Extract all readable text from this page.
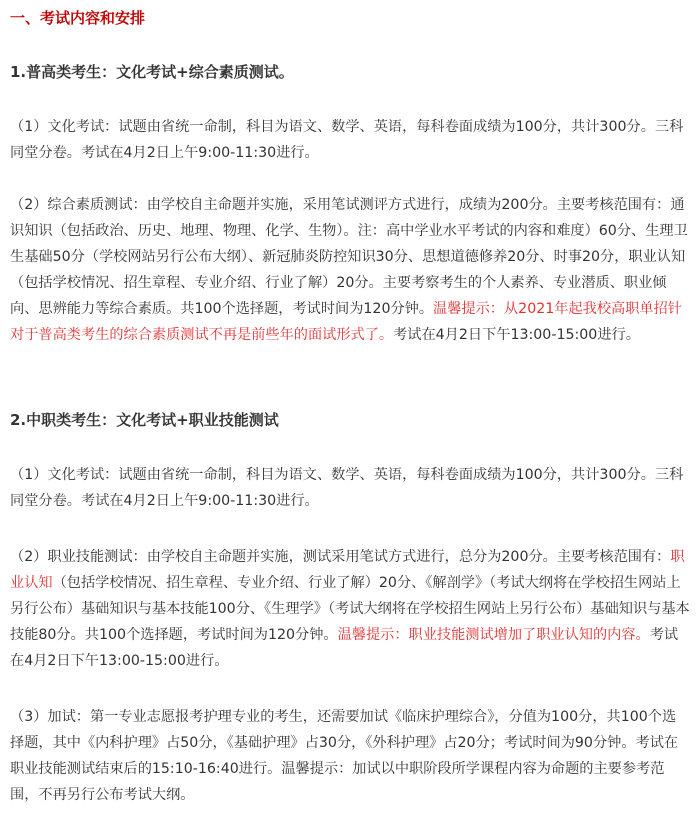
一、考试内容和安排
1.普高类考生：文化考试+综合素质测试。
（1）文化考试：试题由省统一命制，科目为语文、数学、英语，每科卷面成绩为100分，共计300分。三科同堂分卷。考试在4月2日上午9:00-11:30进行。
（2）综合素质测试：由学校自主命题并实施，采用笔试测评方式进行，成绩为200分。主要考核范围有：通识知识（包括政治、历史、地理、物理、化学、生物）。注：高中学业水平考试的内容和难度）60分、生理卫生基础50分（学校网站另行公布大纲）、新冠肺炎防控知识30分、思想道德修养20分、时事20分，职业认知（包括学校情况、招生章程、专业介绍、行业了解）20分。主要考察考生的个人素养、专业潜质、职业倾向、思辨能力等综合素质。共100个选择题，考试时间为120分钟。温馨提示：从2021年起我校高职单招针对于普高类考生的综合素质测试不再是前些年的面试形式了。考试在4月2日下午13:00-15:00进行。
2.中职类考生：文化考试+职业技能测试
（1）文化考试：试题由省统一命制，科目为语文、数学、英语，每科卷面成绩为100分，共计300分。三科同堂分卷。考试在4月2日上午9:00-11:30进行。
（2）职业技能测试：由学校自主命题并实施，测试采用笔试方式进行，总分为200分。主要考核范围有：职业认知（包括学校情况、招生章程、专业介绍、行业了解）20分、《解剖学》（考试大纲将在学校招生网站上另行公布）基础知识与基本技能100分、《生理学》（考试大纲将在学校招生网站上另行公布）基础知识与基本技能80分。共100个选择题，考试时间为120分钟。温馨提示：职业技能测试增加了职业认知的内容。考试在4月2日下午13:00-15:00进行。
（3）加试：第一专业志愿报考护理专业的考生，还需要加试《临床护理综合》，分值为100分，共100个选择题，其中《内科护理》占50分，《基础护理》占30分，《外科护理》占20分；考试时间为90分钟。考试在职业技能测试结束后的15:10-16:40进行。温馨提示：加试以中职阶段所学课程内容为命题的主要参考范围，不再另行公布考试大纲。
